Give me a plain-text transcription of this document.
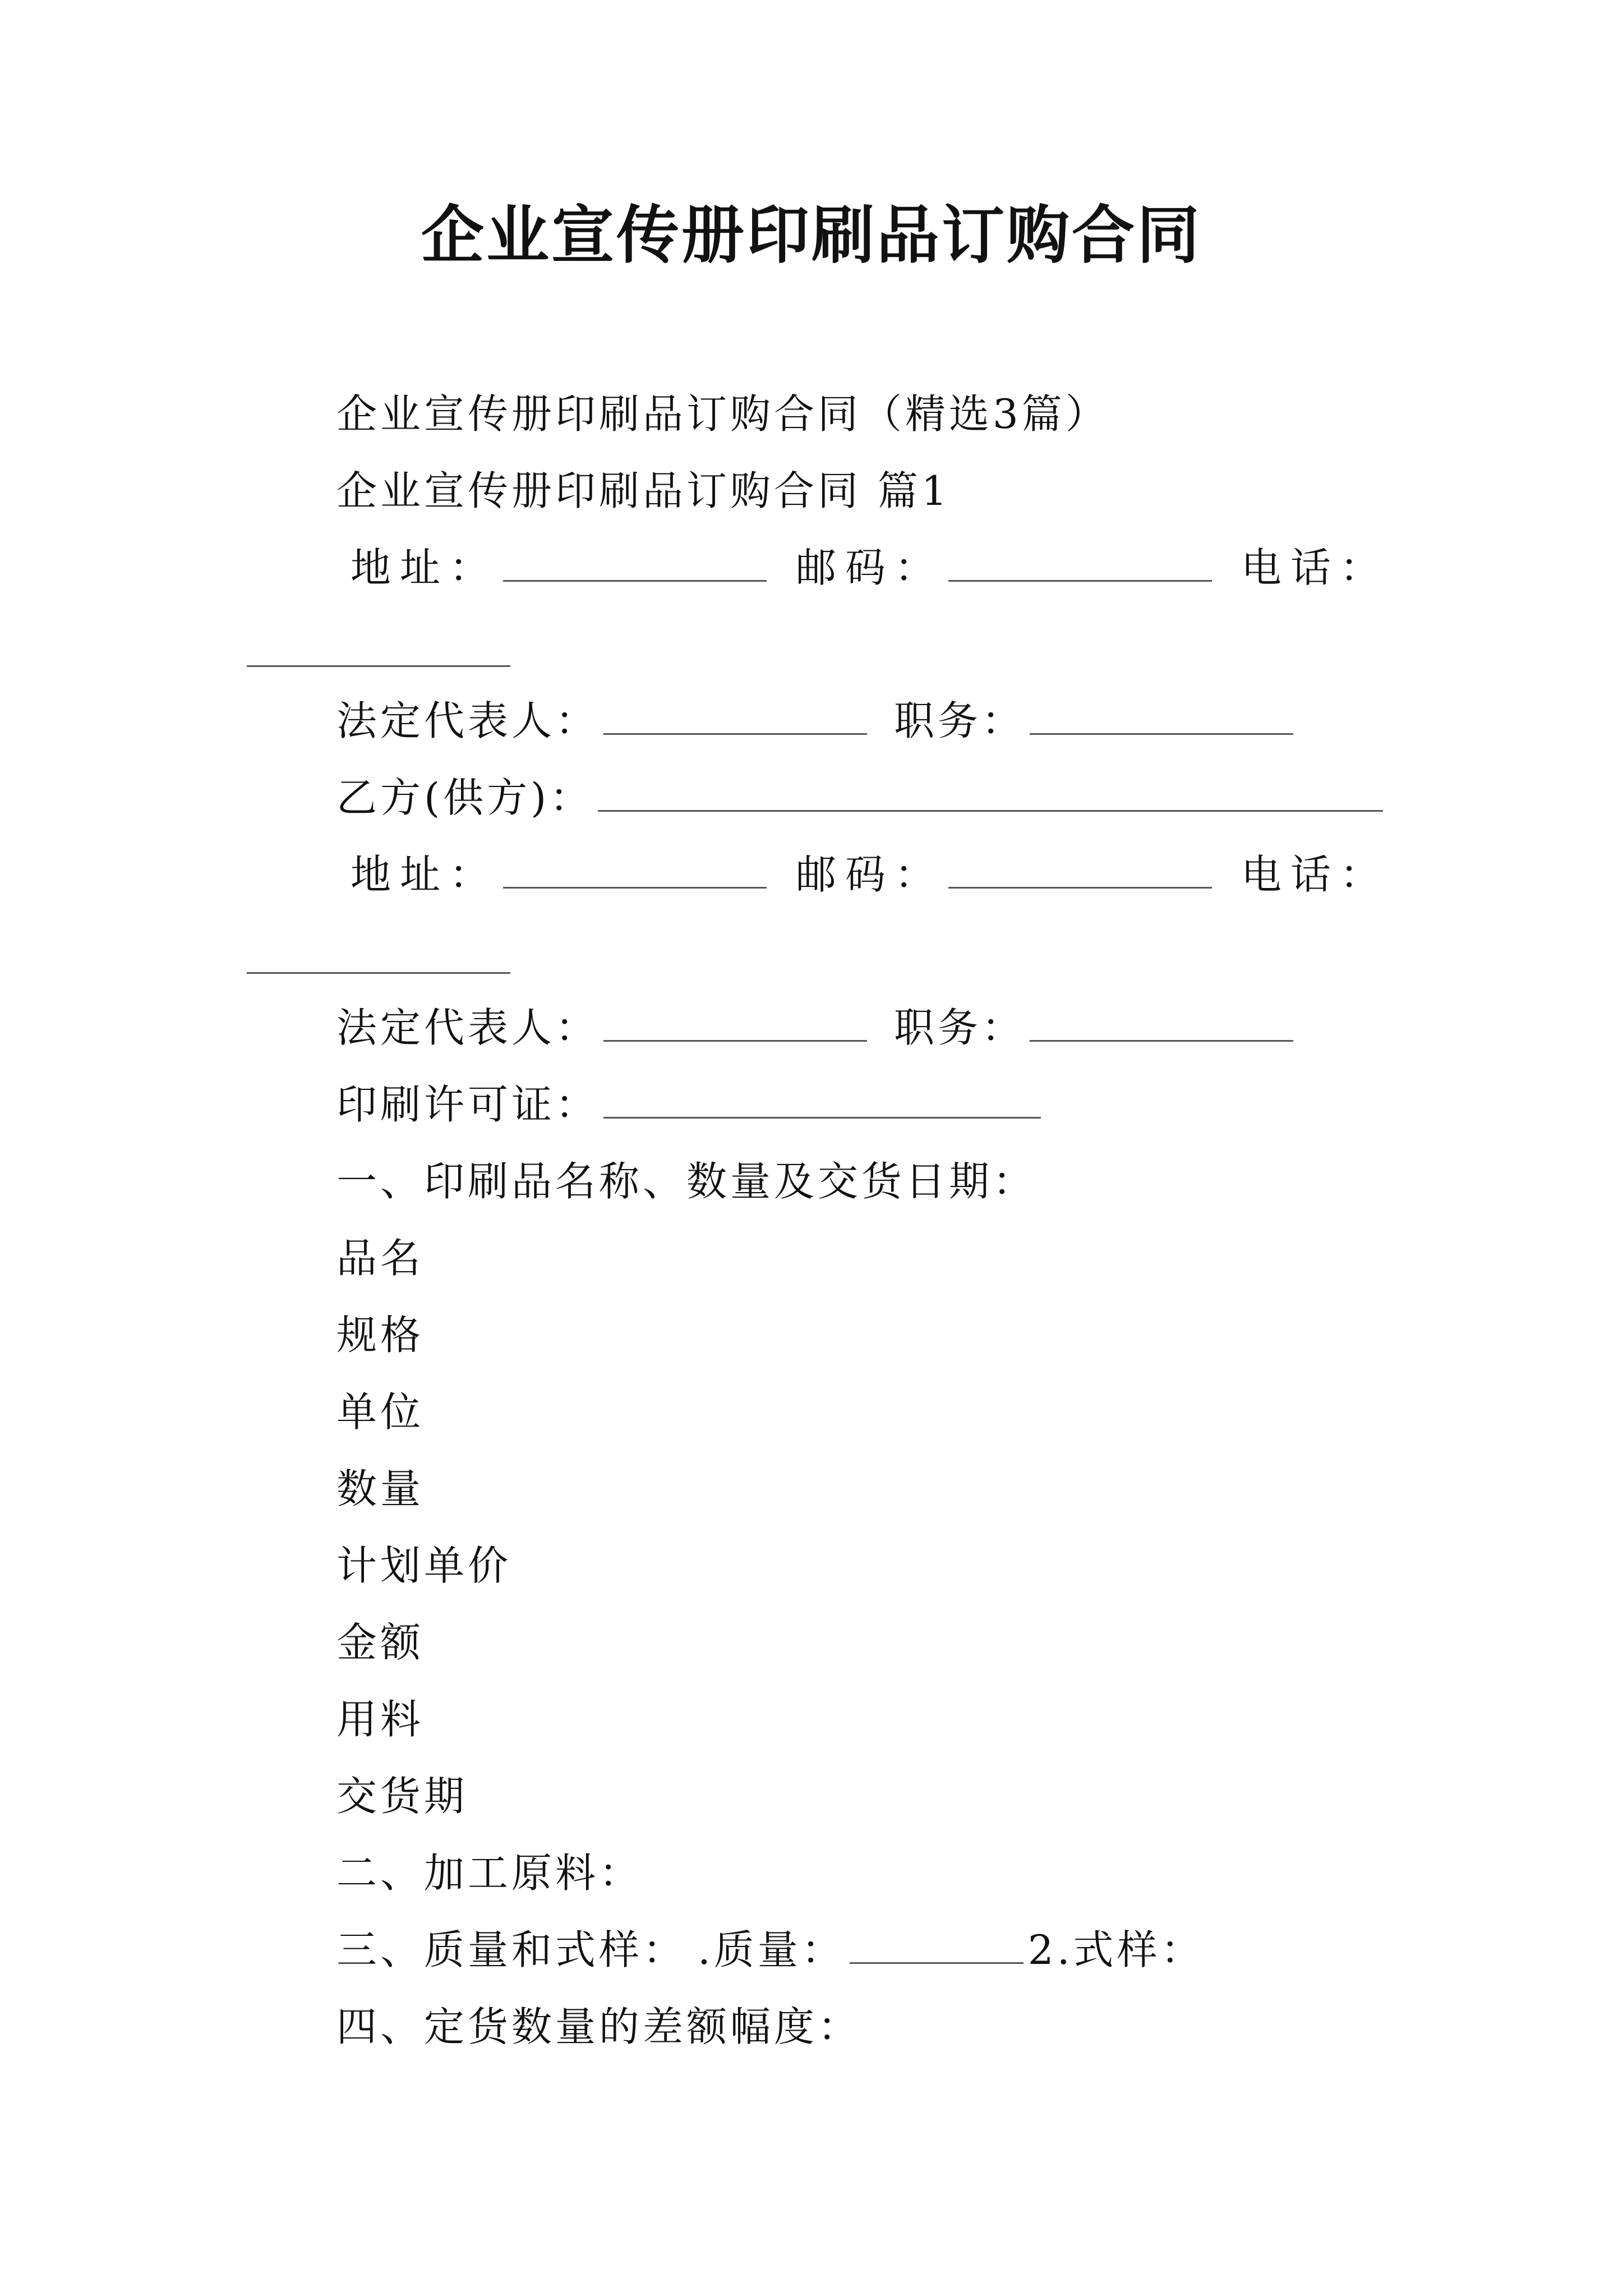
企业宣传册印刷品订购合同
企业宣传册印刷品订购合同（精选3篇）
企业宣传册印刷品订购合同 篇1
地址：	邮码：	电话：
法定代表人：	职务：
乙方(供方)：
地址：	邮码：	电话：
法定代表人：	职务：
印刷许可证：
一、印刷品名称、数量及交货日期：
品名
规格
单位
数量
计划单价
金额
用料
交货期
二、加工原料：
三、质量和式样： .质量：	2.式样：
四、定货数量的差额幅度：
